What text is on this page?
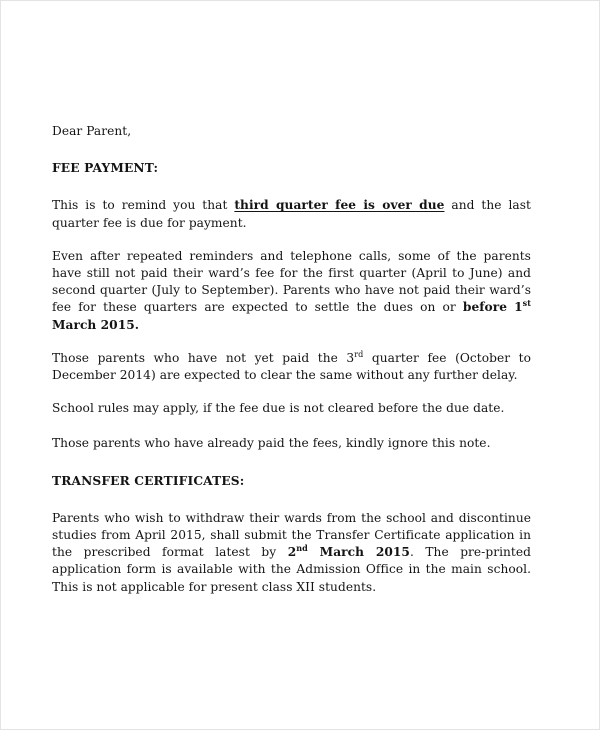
Dear Parent,

FEE PAYMENT:

This is to remind you that third quarter fee is over due and the last quarter fee is due for payment.

Even after repeated reminders and telephone calls, some of the parents have still not paid their ward’s fee for the first quarter (April to June) and second quarter (July to September). Parents who have not paid their ward’s fee for these quarters are expected to settle the dues on or before 1st March 2015.

Those parents who have not yet paid the 3rd quarter fee (October to December 2014) are expected to clear the same without any further delay.

School rules may apply, if the fee due is not cleared before the due date.

Those parents who have already paid the fees, kindly ignore this note.

TRANSFER CERTIFICATES:

Parents who wish to withdraw their wards from the school and discontinue studies from April 2015, shall submit the Transfer Certificate application in the prescribed format latest by 2nd March 2015. The pre-printed application form is available with the Admission Office in the main school. This is not applicable for present class XII students.
